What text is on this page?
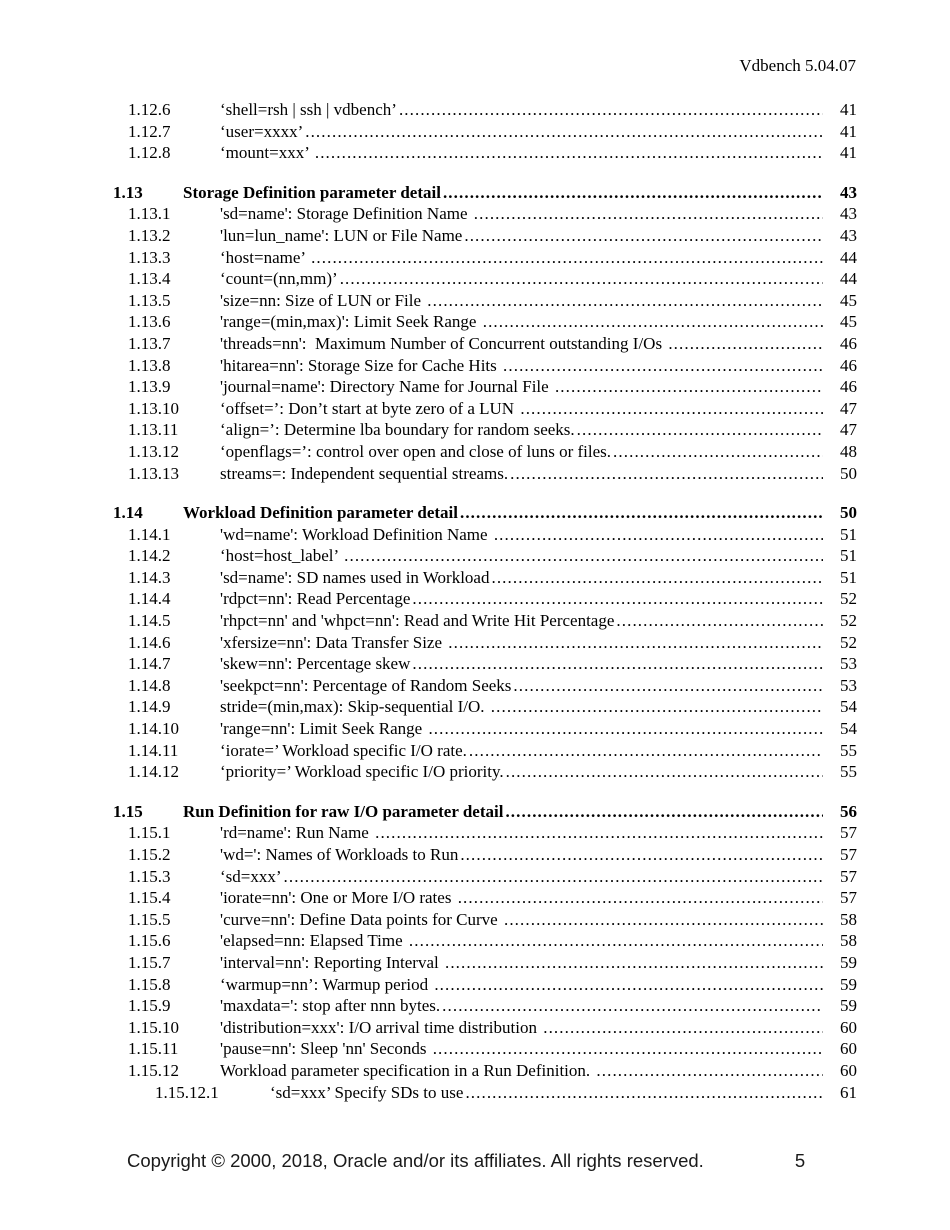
Vdbench 5.04.07
1.12.6	‘shell=rsh | ssh | vdbench’ .....	41
1.12.7	‘user=xxxx’ .....	41
1.12.8	‘mount=xxx’ .....	41
1.13	Storage Definition parameter detail .....	43
1.13.1	'sd=name': Storage Definition Name .....	43
1.13.2	'lun=lun_name': LUN or File Name .....	43
1.13.3	‘host=name’ .....	44
1.13.4	‘count=(nn,mm)’ .....	44
1.13.5	'size=nn: Size of LUN or File .....	45
1.13.6	'range=(min,max)': Limit Seek Range .....	45
1.13.7	'threads=nn':  Maximum Number of Concurrent outstanding I/Os .....	46
1.13.8	'hitarea=nn': Storage Size for Cache Hits .....	46
1.13.9	'journal=name': Directory Name for Journal File .....	46
1.13.10	‘offset=’: Don’t start at byte zero of a LUN .....	47
1.13.11	‘align=’: Determine lba boundary for random seeks. .....	47
1.13.12	‘openflags=’: control over open and close of luns or files. .....	48
1.13.13	streams=: Independent sequential streams. .....	50
1.14	Workload Definition parameter detail .....	50
1.14.1	'wd=name': Workload Definition Name .....	51
1.14.2	‘host=host_label’ .....	51
1.14.3	'sd=name': SD names used in Workload .....	51
1.14.4	'rdpct=nn': Read Percentage .....	52
1.14.5	'rhpct=nn' and 'whpct=nn': Read and Write Hit Percentage .....	52
1.14.6	'xfersize=nn': Data Transfer Size .....	52
1.14.7	'skew=nn': Percentage skew .....	53
1.14.8	'seekpct=nn': Percentage of Random Seeks .....	53
1.14.9	stride=(min,max): Skip-sequential I/O. .....	54
1.14.10	'range=nn': Limit Seek Range .....	54
1.14.11	‘iorate=’ Workload specific I/O rate. .....	55
1.14.12	‘priority=’ Workload specific I/O priority. .....	55
1.15	Run Definition for raw I/O parameter detail .....	56
1.15.1	'rd=name': Run Name .....	57
1.15.2	'wd=': Names of Workloads to Run .....	57
1.15.3	‘sd=xxx’ .....	57
1.15.4	'iorate=nn': One or More I/O rates .....	57
1.15.5	'curve=nn': Define Data points for Curve .....	58
1.15.6	'elapsed=nn: Elapsed Time .....	58
1.15.7	'interval=nn': Reporting Interval .....	59
1.15.8	‘warmup=nn’: Warmup period .....	59
1.15.9	'maxdata=': stop after nnn bytes. .....	59
1.15.10	'distribution=xxx': I/O arrival time distribution .....	60
1.15.11	'pause=nn': Sleep 'nn' Seconds .....	60
1.15.12	Workload parameter specification in a Run Definition. .....	60
1.15.12.1	‘sd=xxx’ Specify SDs to use .....	61
Copyright © 2000, 2018, Oracle and/or its affiliates. All rights reserved.	5
